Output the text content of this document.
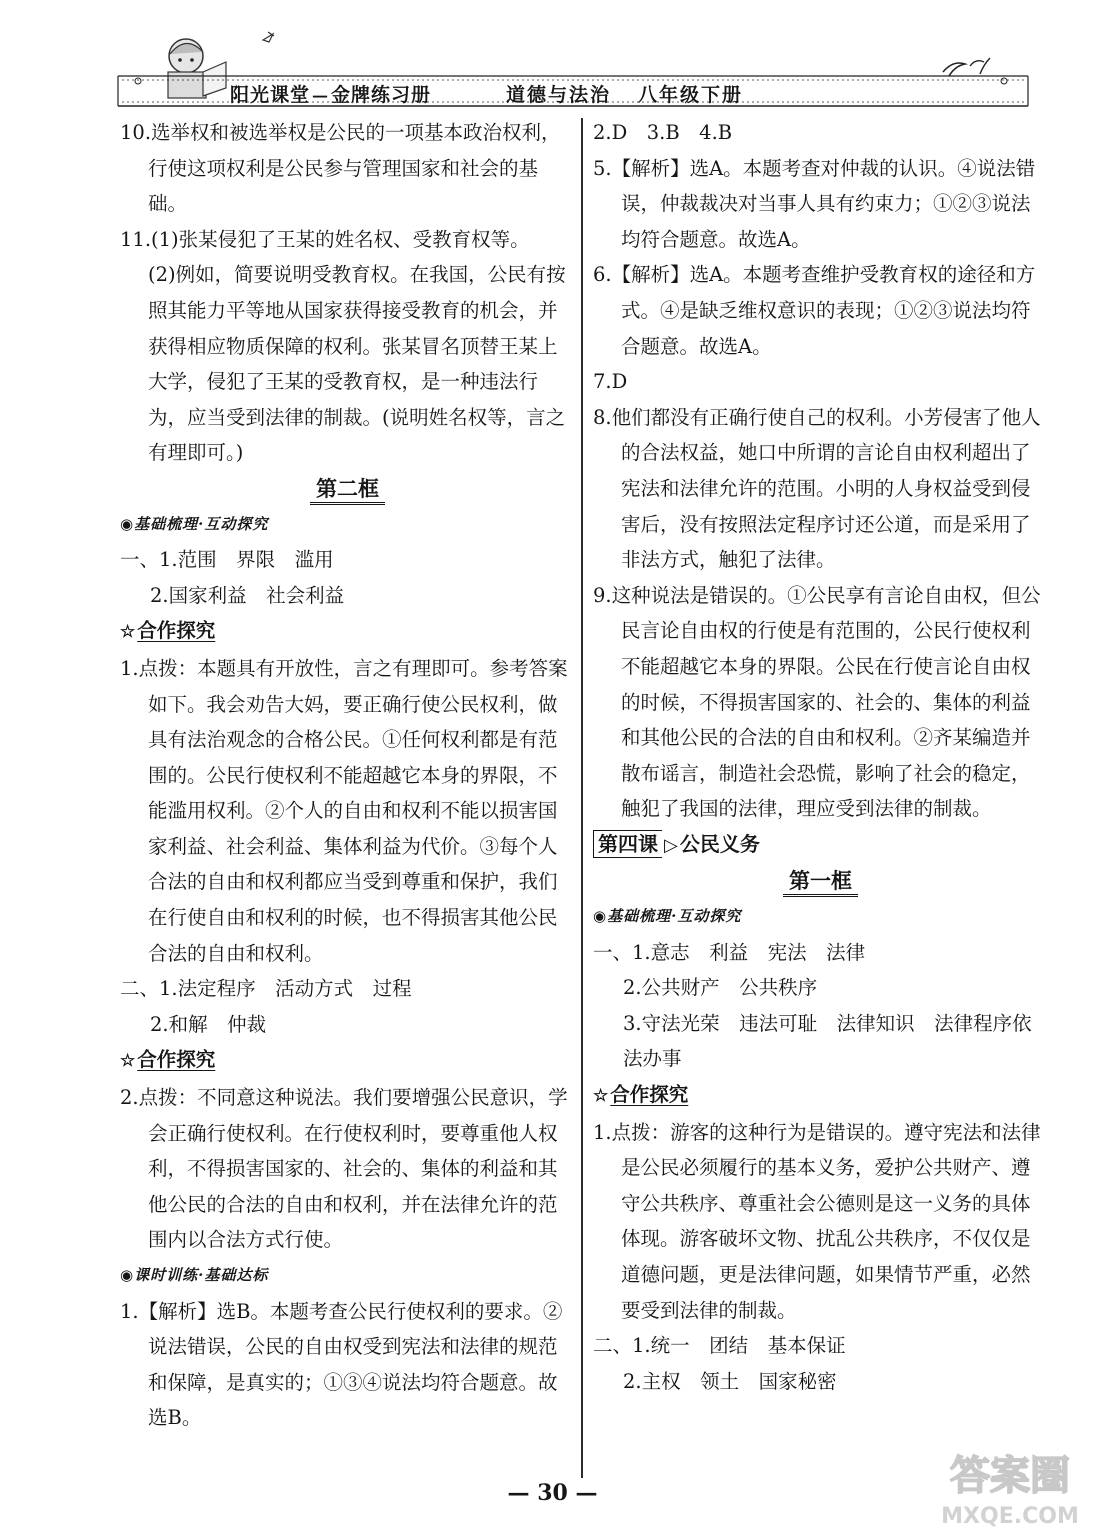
阳光课堂 — 金牌练习册	道德与法治 八年级下册
10.选举权和被选举权是公民的一项基本政治权利，行使这项权利是公民参与管理国家和社会的基础。
11.(1)张某侵犯了王某的姓名权、受教育权等。
(2)例如，简要说明受教育权。在我国，公民有按照其能力平等地从国家获得接受教育的机会，并获得相应物质保障的权利。张某冒名顶替王某上大学，侵犯了王某的受教育权，是一种违法行为，应当受到法律的制裁。(说明姓名权等，言之有理即可。)
第二框
◉基础梳理·互动探究
一、1.范围　界限　滥用
2.国家利益　社会利益
☆ 合作探究
1.点拨：本题具有开放性，言之有理即可。参考答案如下。我会劝告大妈，要正确行使公民权利，做具有法治观念的合格公民。①任何权利都是有范围的。公民行使权利不能超越它本身的界限，不能滥用权利。②个人的自由和权利不能以损害国家利益、社会利益、集体利益为代价。③每个人合法的自由和权利都应当受到尊重和保护，我们在行使自由和权利的时候，也不得损害其他公民合法的自由和权利。
二、1.法定程序　活动方式　过程
2.和解　仲裁
☆ 合作探究
2.点拨：不同意这种说法。我们要增强公民意识，学会正确行使权利。在行使权利时，要尊重他人权利，不得损害国家的、社会的、集体的利益和其他公民的合法的自由和权利，并在法律允许的范围内以合法方式行使。
◉课时训练·基础达标
1.【解析】选B。本题考查公民行使权利的要求。②说法错误，公民的自由权受到宪法和法律的规范和保障，是真实的；①③④说法均符合题意。故选B。
2.D　3.B　4.B
5.【解析】选A。本题考查对仲裁的认识。④说法错误，仲裁裁决对当事人具有约束力；①②③说法均符合题意。故选A。
6.【解析】选A。本题考查维护受教育权的途径和方式。④是缺乏维权意识的表现；①②③说法均符合题意。故选A。
7.D
8.他们都没有正确行使自己的权利。小芳侵害了他人的合法权益，她口中所谓的言论自由权利超出了宪法和法律允许的范围。小明的人身权益受到侵害后，没有按照法定程序讨还公道，而是采用了非法方式，触犯了法律。
9.这种说法是错误的。①公民享有言论自由权，但公民言论自由权的行使是有范围的，公民行使权利不能超越它本身的界限。公民在行使言论自由权的时候，不得损害国家的、社会的、集体的利益和其他公民的合法的自由和权利。②齐某编造并散布谣言，制造社会恐慌，影响了社会的稳定，触犯了我国的法律，理应受到法律的制裁。
第四课 ▷ 公民义务
第一框
◉基础梳理·互动探究
一、1.意志　利益　宪法　法律
2.公共财产　公共秩序
3.守法光荣　违法可耻　法律知识　法律程序依法办事
☆ 合作探究
1.点拨：游客的这种行为是错误的。遵守宪法和法律是公民必须履行的基本义务，爱护公共财产、遵守公共秩序、尊重社会公德则是这一义务的具体体现。游客破坏文物、扰乱公共秩序，不仅仅是道德问题，更是法律问题，如果情节严重，必然要受到法律的制裁。
二、1.统一　团结　基本保证
2.主权　领土　国家秘密
— 30 —	答案圈
MXQE.COM
